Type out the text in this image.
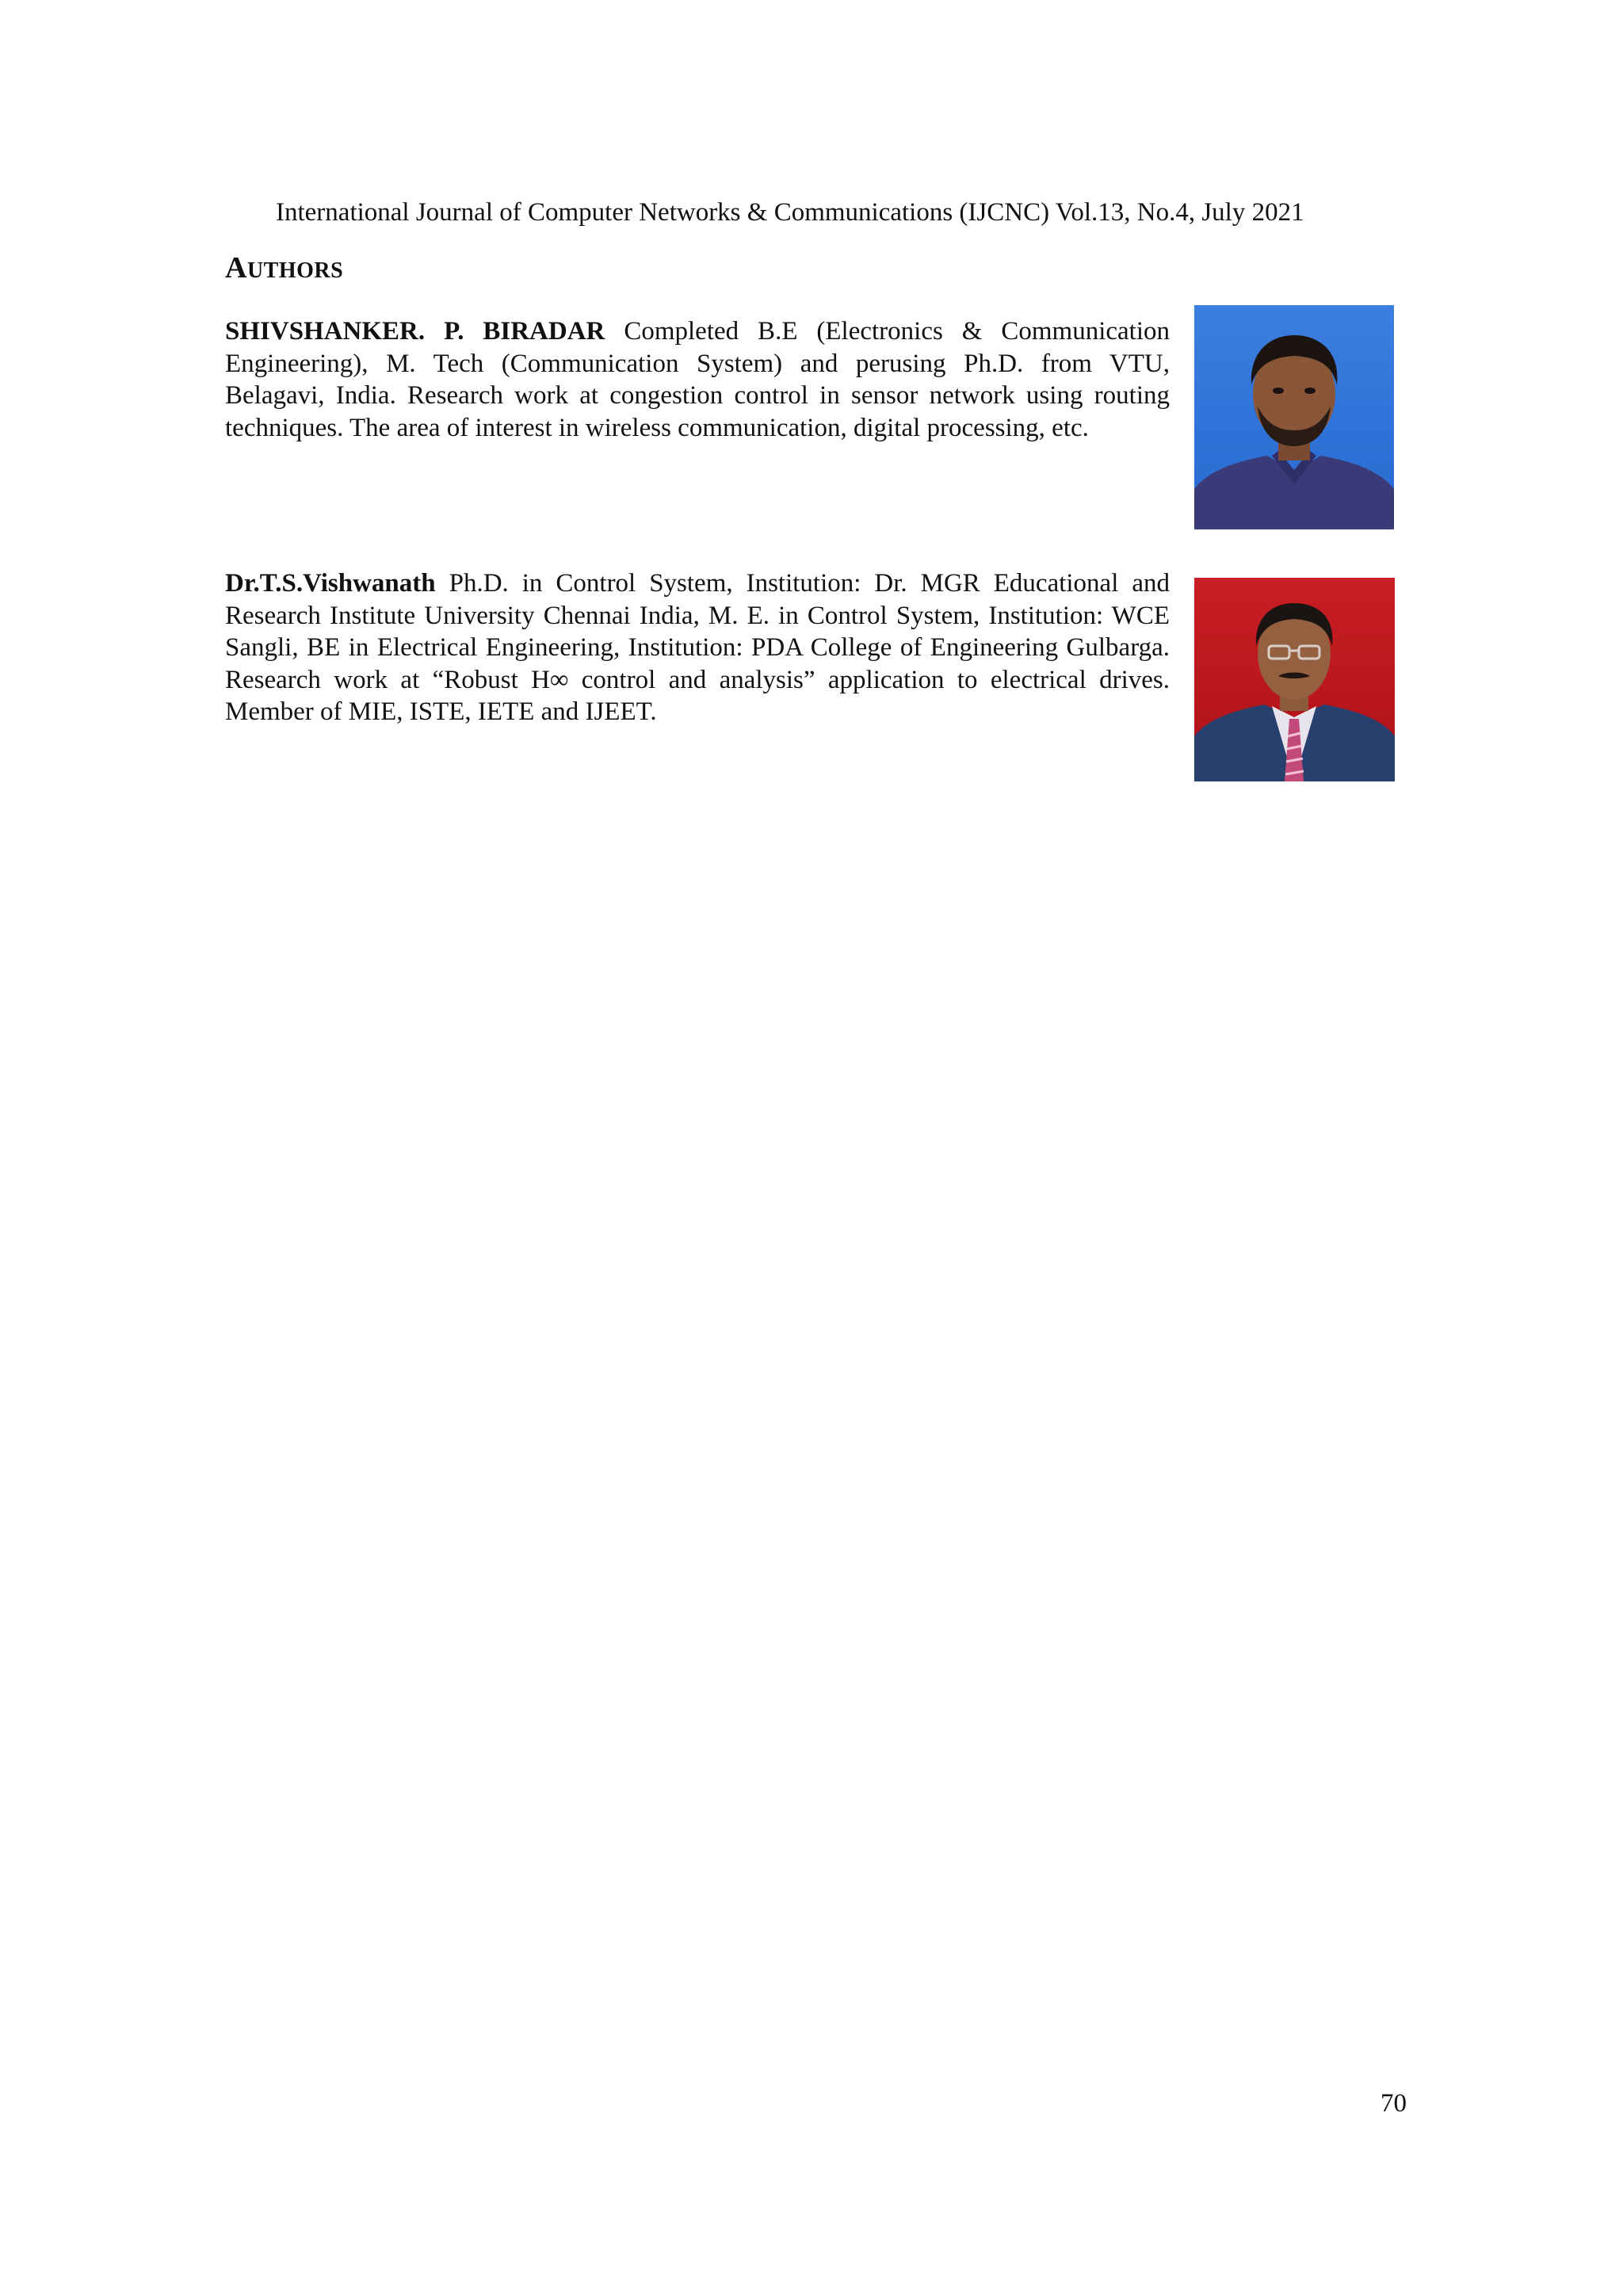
International Journal of Computer Networks & Communications (IJCNC) Vol.13, No.4, July 2021
AUTHORS
SHIVSHANKER. P. BIRADAR Completed B.E (Electronics & Communication Engineering), M. Tech (Communication System) and perusing Ph.D. from VTU, Belagavi, India. Research work at congestion control in sensor network using routing techniques. The area of interest in wireless communication, digital processing, etc.
Dr.T.S.Vishwanath Ph.D. in Control System, Institution: Dr. MGR Educational and Research Institute University Chennai India, M. E. in Control System, Institution: WCE Sangli, BE in Electrical Engineering, Institution: PDA College of Engineering Gulbarga. Research work at “Robust H∞ control and analysis” application to electrical drives. Member of MIE, ISTE, IETE and IJEET.
70
